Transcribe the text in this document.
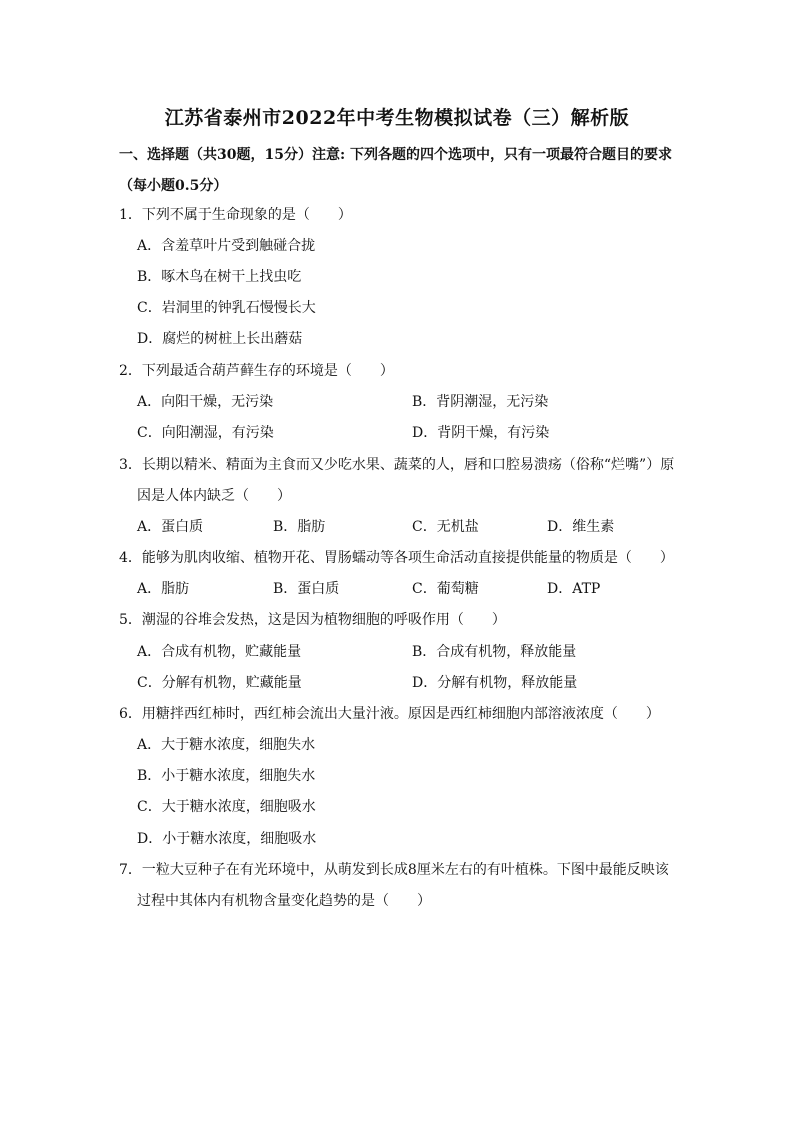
江苏省泰州市2022年中考生物模拟试卷（三）解析版
一、选择题（共30题，15分）注意: 下列各题的四个选项中，只有一项最符合题目的要求
（每小题0.5分）
1．下列不属于生命现象的是（　　）
A．含羞草叶片受到触碰合拢
B．啄木鸟在树干上找虫吃
C．岩洞里的钟乳石慢慢长大
D．腐烂的树桩上长出蘑菇
2．下列最适合葫芦藓生存的环境是（　　）
A．向阳干燥，无污染	B．背阴潮湿，无污染
C．向阳潮湿，有污染	D．背阴干燥，有污染
3．长期以精米、精面为主食而又少吃水果、蔬菜的人，唇和口腔易溃疡（俗称“烂嘴”）原
因是人体内缺乏（　　）
A．蛋白质	B．脂肪	C．无机盐	D．维生素
4．能够为肌肉收缩、植物开花、胃肠蠕动等各项生命活动直接提供能量的物质是（　　）
A．脂肪	B．蛋白质	C．葡萄糖	D．ATP
5．潮湿的谷堆会发热，这是因为植物细胞的呼吸作用（　　）
A．合成有机物，贮藏能量	B．合成有机物，释放能量
C．分解有机物，贮藏能量	D．分解有机物，释放能量
6．用糖拌西红柿时，西红柿会流出大量汁液。原因是西红柿细胞内部溶液浓度（　　）
A．大于糖水浓度，细胞失水
B．小于糖水浓度，细胞失水
C．大于糖水浓度，细胞吸水
D．小于糖水浓度，细胞吸水
7．一粒大豆种子在有光环境中，从萌发到长成8厘米左右的有叶植株。下图中最能反映该
过程中其体内有机物含量变化趋势的是（　　）
